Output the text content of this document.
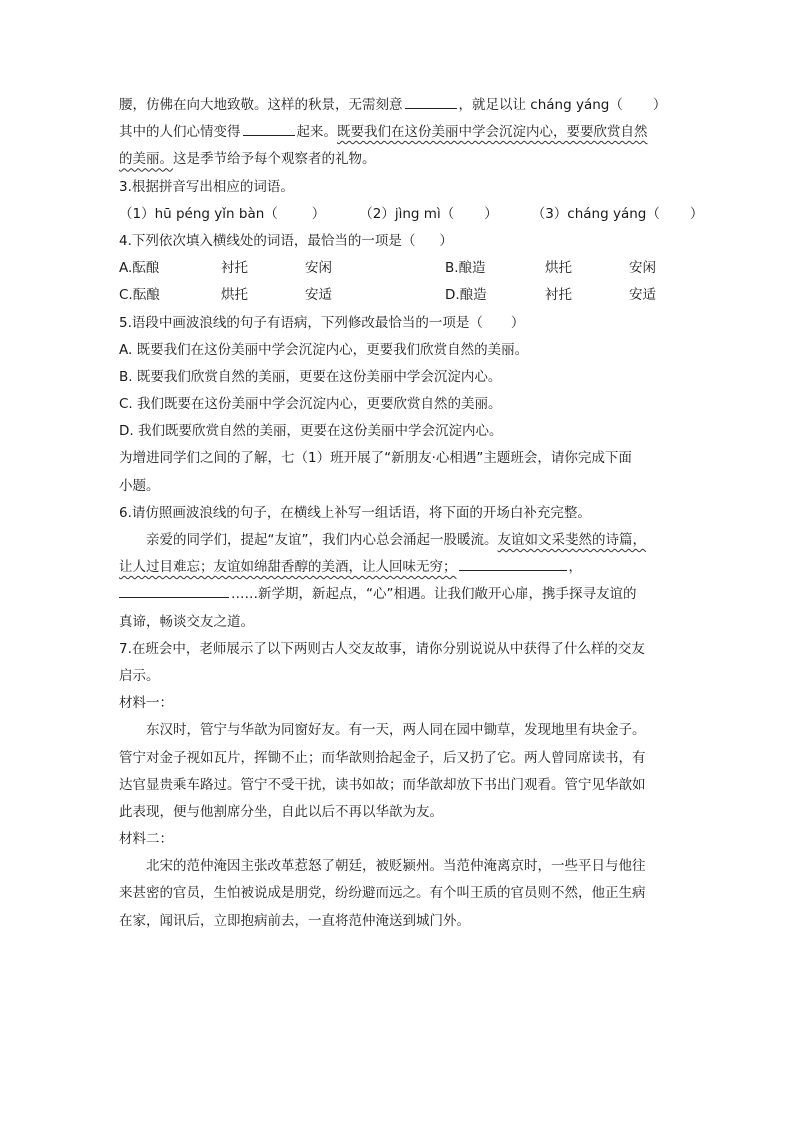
腰，仿佛在向大地致敬。这样的秋景，无需刻意	，就足以让 cháng yáng（ ）
其中的人们心情变得	起来。既要我们在这份美丽中学会沉淀内心，要要欣赏自然
的美丽。这是季节给予每个观察者的礼物。
3.根据拼音写出相应的词语。
（1）hū péng yǐn bàn（	）	（2）jìng mì（ ）	（3）cháng yáng（ ）
4.下列依次填入横线处的词语，最恰当的一项是（ ）
A.酝酿	衬托	安闲	B.酿造	烘托	安闲
C.酝酿	烘托	安适	D.酿造	衬托	安适
5.语段中画波浪线的句子有语病，下列修改最恰当的一项是（ ）
A. 既要我们在这份美丽中学会沉淀内心，更要我们欣赏自然的美丽。
B. 既要我们欣赏自然的美丽，更要在这份美丽中学会沉淀内心。
C. 我们既要在这份美丽中学会沉淀内心，更要欣赏自然的美丽。
D. 我们既要欣赏自然的美丽，更要在这份美丽中学会沉淀内心。
为增进同学们之间的了解，七（1）班开展了“新朋友·心相遇”主题班会，请你完成下面
小题。
6.请仿照画波浪线的句子，在横线上补写一组话语，将下面的开场白补充完整。
亲爱的同学们，提起“友谊”，我们内心总会涌起一股暖流。友谊如文采斐然的诗篇，
让人过目难忘；友谊如绵甜香醇的美酒，让人回味无穷；	，
……新学期，新起点，“心”相遇。让我们敞开心扉，携手探寻友谊的
真谛，畅谈交友之道。
7.在班会中，老师展示了以下两则古人交友故事，请你分别说说从中获得了什么样的交友
启示。
材料一：
东汉时，管宁与华歆为同窗好友。有一天，两人同在园中锄草，发现地里有块金子。
管宁对金子视如瓦片，挥锄不止；而华歆则拾起金子，后又扔了它。两人曾同席读书，有
达官显贵乘车路过。管宁不受干扰，读书如故；而华歆却放下书出门观看。管宁见华歆如
此表现，便与他割席分坐，自此以后不再以华歆为友。
材料二：
北宋的范仲淹因主张改革惹怒了朝廷，被贬颍州。当范仲淹离京时，一些平日与他往
来甚密的官员，生怕被说成是朋党，纷纷避而远之。有个叫王质的官员则不然，他正生病
在家，闻讯后，立即抱病前去，一直将范仲淹送到城门外。
